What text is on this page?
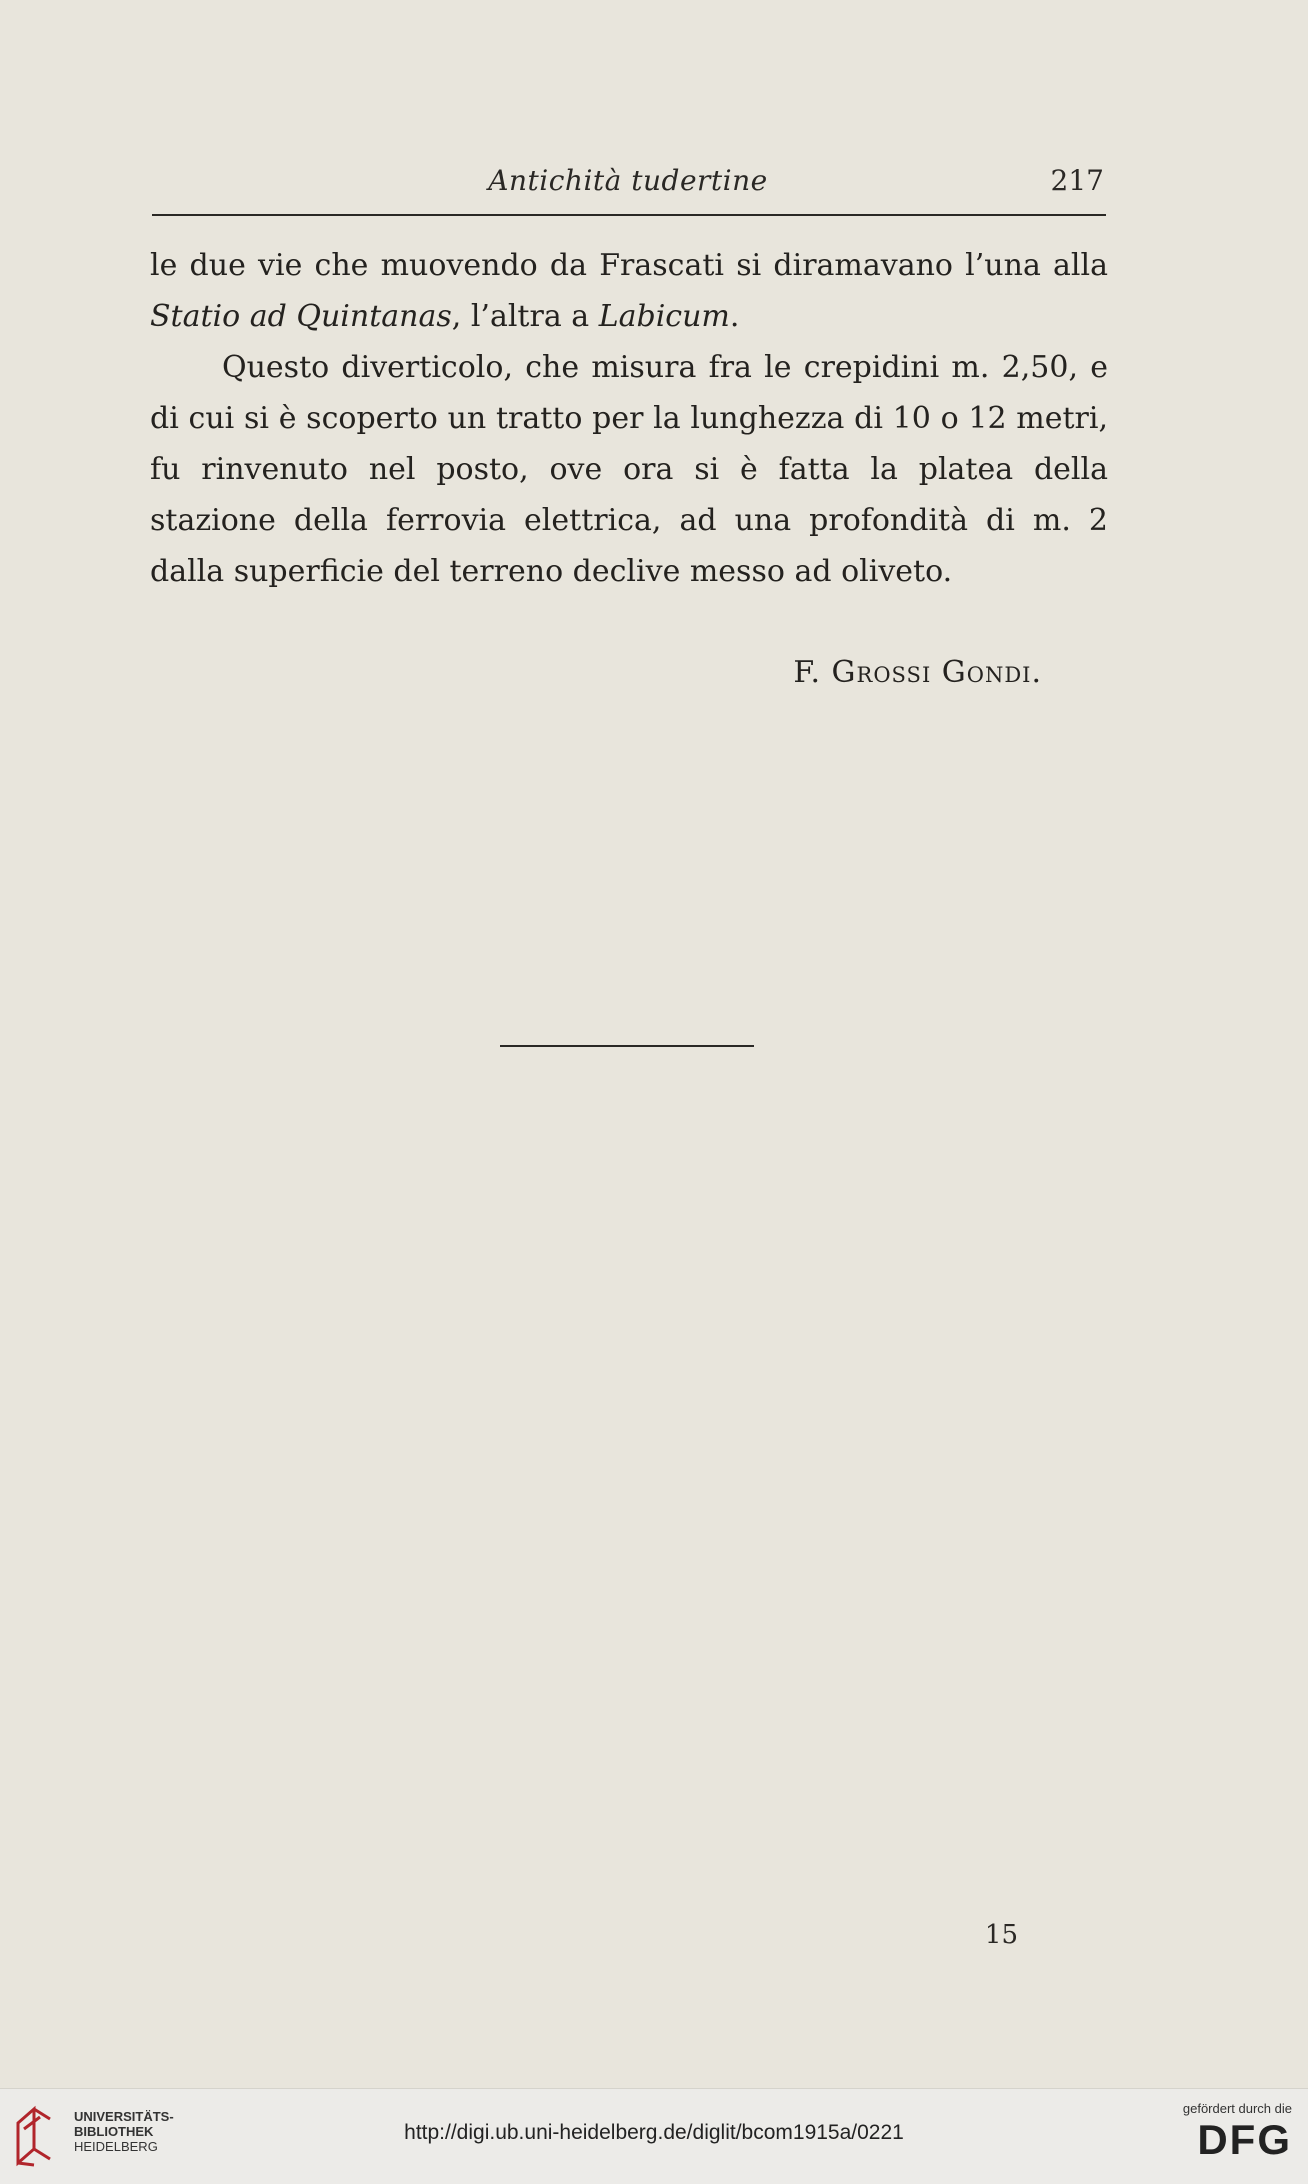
Antichità tudertine	217

le due vie che muovendo da Frascati si diramavano l’una alla Statio ad Quintanas, l’altra a Labicum.

Questo diverticolo, che misura fra le crepidini m. 2,50, e di cui si è scoperto un tratto per la lunghezza di 10 o 12 metri, fu rinvenuto nel posto, ove ora si è fatta la platea della stazione della ferrovia elettrica, ad una profondità di m. 2 dalla superficie del terreno declive messo ad oliveto.

F. Grossi Gondi.
15
UNIVERSITÄTS-
BIBLIOTHEK
HEIDELBERG
http://digi.ub.uni-heidelberg.de/diglit/bcom1915a/0221
gefördert durch die
DFG
